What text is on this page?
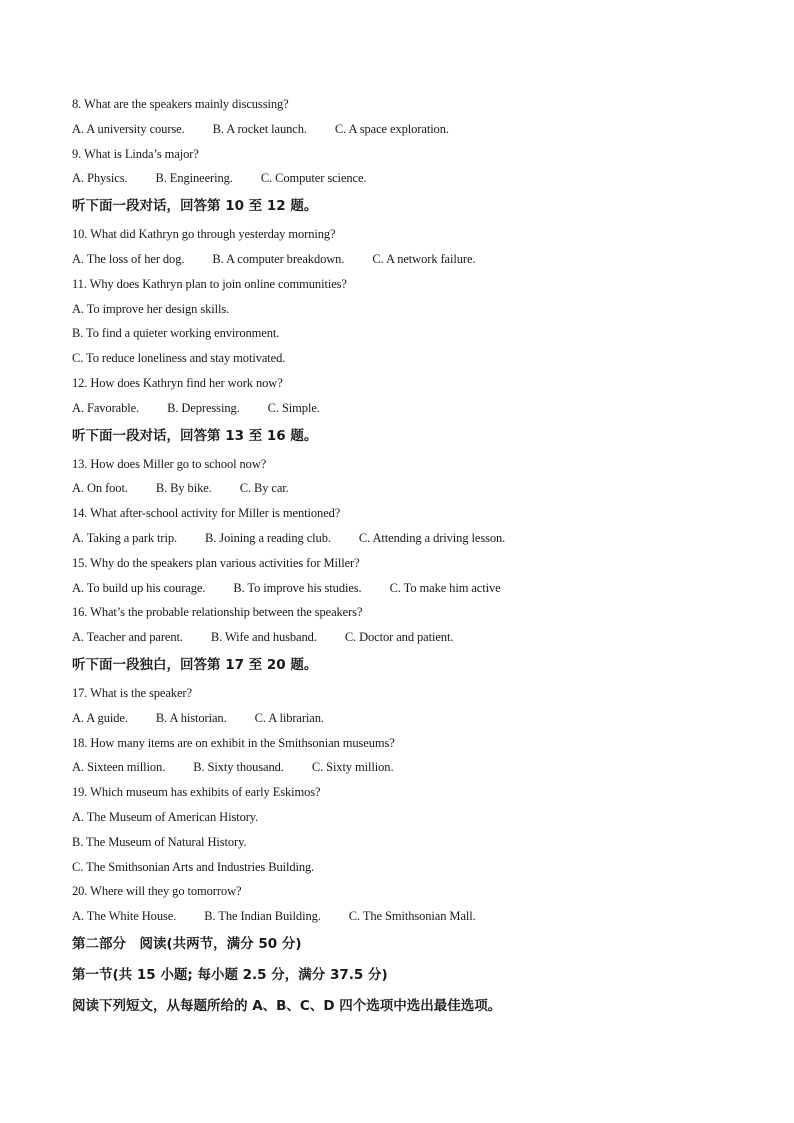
8. What are the speakers mainly discussing?
A. A university course. B. A rocket launch. C. A space exploration.
9. What is Linda’s major?
A. Physics. B. Engineering. C. Computer science.
听下面一段对话，回答第 10 至 12 题。
10. What did Kathryn go through yesterday morning?
A. The loss of her dog. B. A computer breakdown. C. A network failure.
11. Why does Kathryn plan to join online communities?
A. To improve her design skills.
B. To find a quieter working environment.
C. To reduce loneliness and stay motivated.
12. How does Kathryn find her work now?
A. Favorable. B. Depressing. C. Simple.
听下面一段对话，回答第 13 至 16 题。
13. How does Miller go to school now?
A. On foot. B. By bike. C. By car.
14. What after-school activity for Miller is mentioned?
A. Taking a park trip. B. Joining a reading club. C. Attending a driving lesson.
15. Why do the speakers plan various activities for Miller?
A. To build up his courage. B. To improve his studies. C. To make him active
16. What’s the probable relationship between the speakers?
A. Teacher and parent. B. Wife and husband. C. Doctor and patient.
听下面一段独白，回答第 17 至 20 题。
17. What is the speaker?
A. A guide. B. A historian. C. A librarian.
18. How many items are on exhibit in the Smithsonian museums?
A. Sixteen million. B. Sixty thousand. C. Sixty million.
19. Which museum has exhibits of early Eskimos?
A. The Museum of American History.
B. The Museum of Natural History.
C. The Smithsonian Arts and Industries Building.
20. Where will they go tomorrow?
A. The White House. B. The Indian Building. C. The Smithsonian Mall.
第二部分　阅读(共两节，满分 50 分)
第一节(共 15 小题; 每小题 2.5 分，满分 37.5 分)
阅读下列短文，从每题所给的 A、B、C、D 四个选项中选出最佳选项。
